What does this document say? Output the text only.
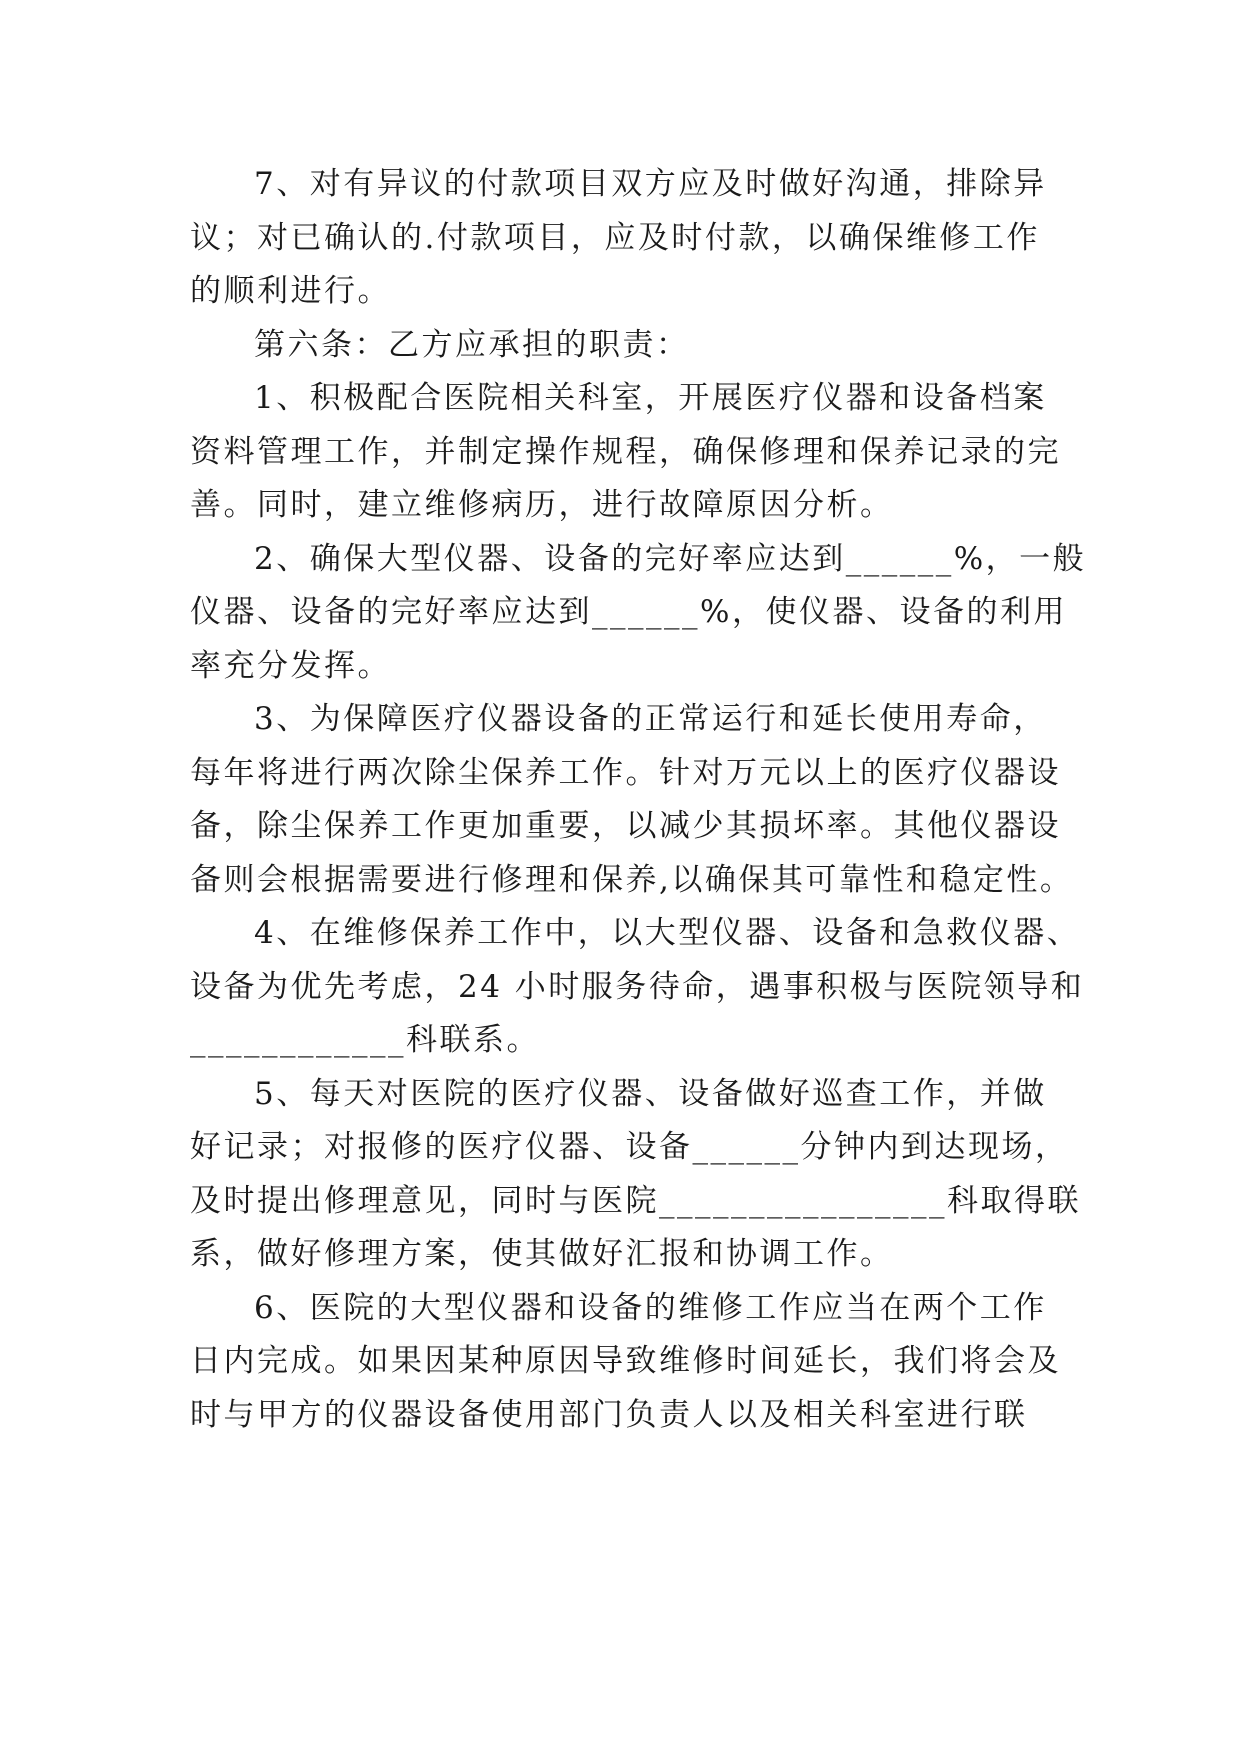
7、对有异议的付款项目双方应及时做好沟通，排除异
议；对已确认的.付款项目，应及时付款，以确保维修工作
的顺利进行。

第六条：乙方应承担的职责：

1、积极配合医院相关科室，开展医疗仪器和设备档案
资料管理工作，并制定操作规程，确保修理和保养记录的完
善。同时，建立维修病历，进行故障原因分析。

2、确保大型仪器、设备的完好率应达到______%，一般
仪器、设备的完好率应达到______%，使仪器、设备的利用
率充分发挥。

3、为保障医疗仪器设备的正常运行和延长使用寿命，
每年将进行两次除尘保养工作。针对万元以上的医疗仪器设
备，除尘保养工作更加重要，以减少其损坏率。其他仪器设
备则会根据需要进行修理和保养,以确保其可靠性和稳定性。

4、在维修保养工作中，以大型仪器、设备和急救仪器、
设备为优先考虑，24 小时服务待命，遇事积极与医院领导和
____________科联系。

5、每天对医院的医疗仪器、设备做好巡查工作，并做
好记录；对报修的医疗仪器、设备______分钟内到达现场，
及时提出修理意见，同时与医院________________科取得联
系，做好修理方案，使其做好汇报和协调工作。

6、医院的大型仪器和设备的维修工作应当在两个工作
日内完成。如果因某种原因导致维修时间延长，我们将会及
时与甲方的仪器设备使用部门负责人以及相关科室进行联
